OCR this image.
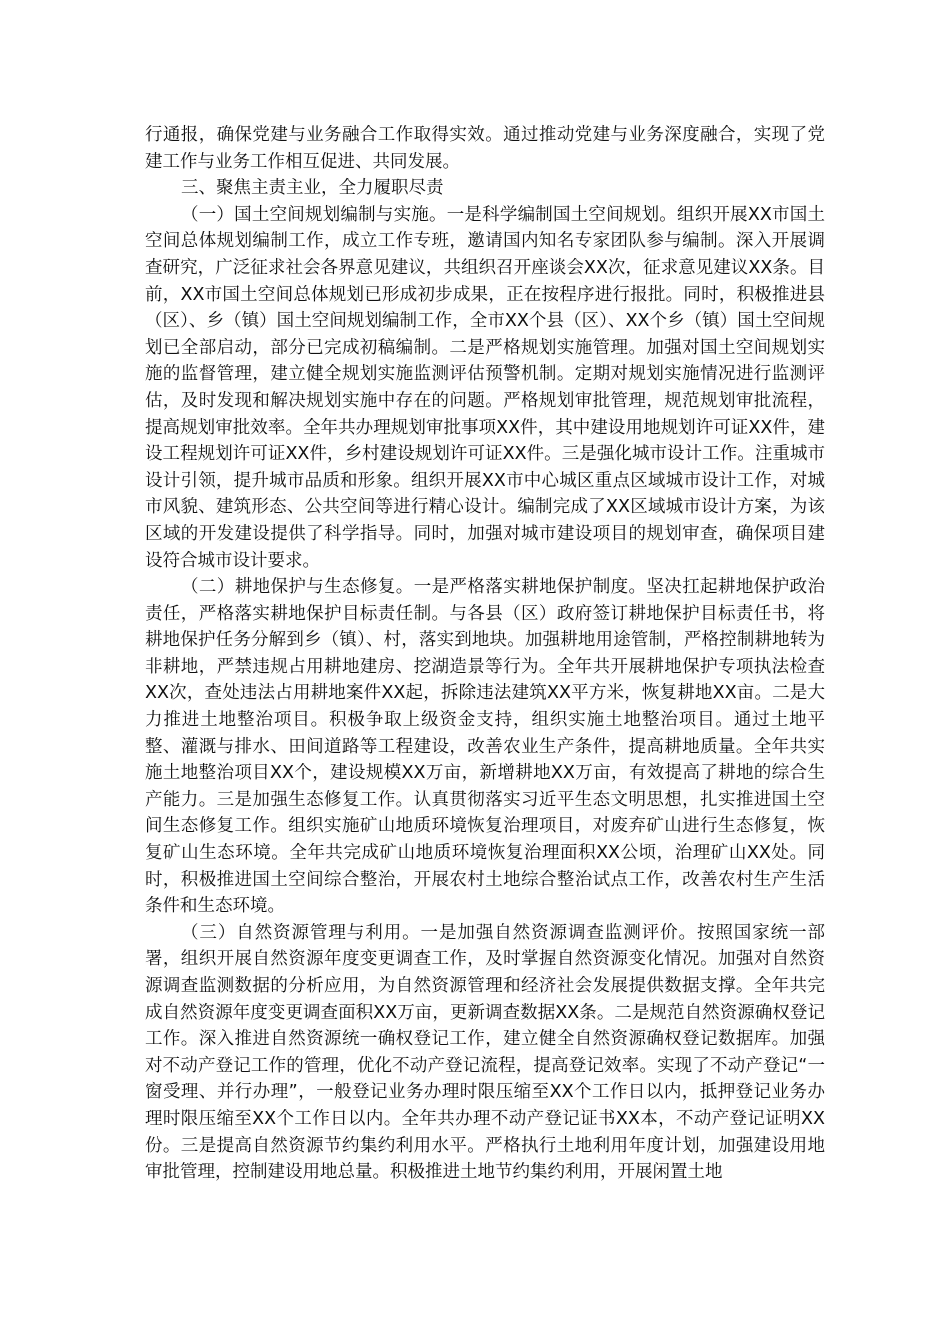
行通报，确保党建与业务融合工作取得实效。通过推动党建与业务深度融合，实现了党建工作与业务工作相互促进、共同发展。

三、聚焦主责主业，全力履职尽责

（一）国土空间规划编制与实施。一是科学编制国土空间规划。组织开展XX市国土空间总体规划编制工作，成立工作专班，邀请国内知名专家团队参与编制。深入开展调查研究，广泛征求社会各界意见建议，共组织召开座谈会XX次，征求意见建议XX条。目前，XX市国土空间总体规划已形成初步成果，正在按程序进行报批。同时，积极推进县（区）、乡（镇）国土空间规划编制工作，全市XX个县（区）、XX个乡（镇）国土空间规划已全部启动，部分已完成初稿编制。二是严格规划实施管理。加强对国土空间规划实施的监督管理，建立健全规划实施监测评估预警机制。定期对规划实施情况进行监测评估，及时发现和解决规划实施中存在的问题。严格规划审批管理，规范规划审批流程，提高规划审批效率。全年共办理规划审批事项XX件，其中建设用地规划许可证XX件，建设工程规划许可证XX件，乡村建设规划许可证XX件。三是强化城市设计工作。注重城市设计引领，提升城市品质和形象。组织开展XX市中心城区重点区域城市设计工作，对城市风貌、建筑形态、公共空间等进行精心设计。编制完成了XX区域城市设计方案，为该区域的开发建设提供了科学指导。同时，加强对城市建设项目的规划审查，确保项目建设符合城市设计要求。

（二）耕地保护与生态修复。一是严格落实耕地保护制度。坚决扛起耕地保护政治责任，严格落实耕地保护目标责任制。与各县（区）政府签订耕地保护目标责任书，将耕地保护任务分解到乡（镇）、村，落实到地块。加强耕地用途管制，严格控制耕地转为非耕地，严禁违规占用耕地建房、挖湖造景等行为。全年共开展耕地保护专项执法检查XX次，查处违法占用耕地案件XX起，拆除违法建筑XX平方米，恢复耕地XX亩。二是大力推进土地整治项目。积极争取上级资金支持，组织实施土地整治项目。通过土地平整、灌溉与排水、田间道路等工程建设，改善农业生产条件，提高耕地质量。全年共实施土地整治项目XX个，建设规模XX万亩，新增耕地XX万亩，有效提高了耕地的综合生产能力。三是加强生态修复工作。认真贯彻落实习近平生态文明思想，扎实推进国土空间生态修复工作。组织实施矿山地质环境恢复治理项目，对废弃矿山进行生态修复，恢复矿山生态环境。全年共完成矿山地质环境恢复治理面积XX公顷，治理矿山XX处。同时，积极推进国土空间综合整治，开展农村土地综合整治试点工作，改善农村生产生活条件和生态环境。

（三）自然资源管理与利用。一是加强自然资源调查监测评价。按照国家统一部署，组织开展自然资源年度变更调查工作，及时掌握自然资源变化情况。加强对自然资源调查监测数据的分析应用，为自然资源管理和经济社会发展提供数据支撑。全年共完成自然资源年度变更调查面积XX万亩，更新调查数据XX条。二是规范自然资源确权登记工作。深入推进自然资源统一确权登记工作，建立健全自然资源确权登记数据库。加强对不动产登记工作的管理，优化不动产登记流程，提高登记效率。实现了不动产登记“一窗受理、并行办理”，一般登记业务办理时限压缩至XX个工作日以内，抵押登记业务办理时限压缩至XX个工作日以内。全年共办理不动产登记证书XX本，不动产登记证明XX份。三是提高自然资源节约集约利用水平。严格执行土地利用年度计划，加强建设用地审批管理，控制建设用地总量。积极推进土地节约集约利用，开展闲置土地
